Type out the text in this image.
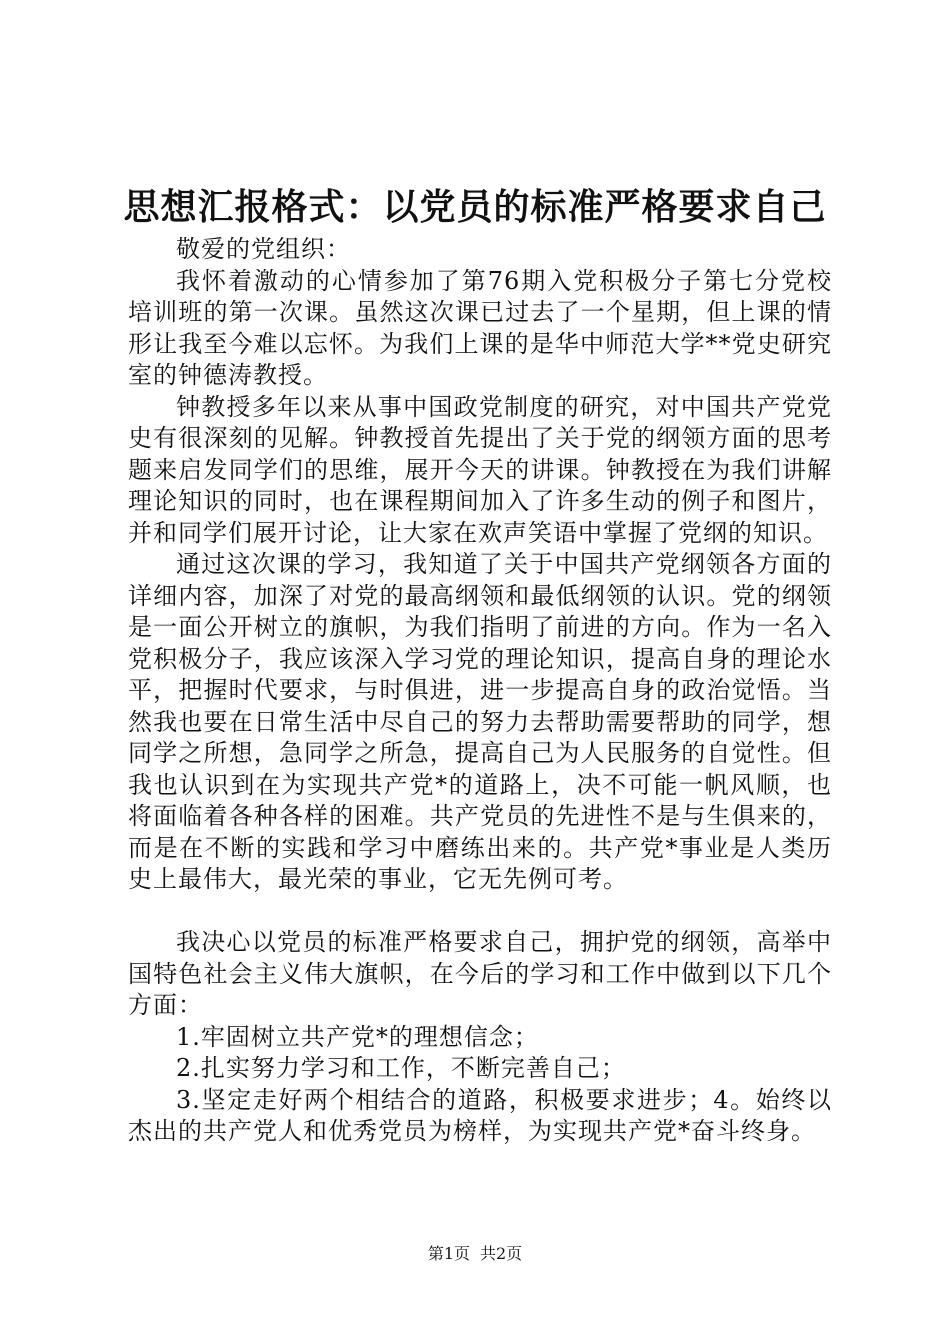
思想汇报格式：以党员的标准严格要求自己

敬爱的党组织：

我怀着激动的心情参加了第76期入党积极分子第七分党校培训班的第一次课。虽然这次课已过去了一个星期，但上课的情形让我至今难以忘怀。为我们上课的是华中师范大学**党史研究室的钟德涛教授。

钟教授多年以来从事中国政党制度的研究，对中国共产党党史有很深刻的见解。钟教授首先提出了关于党的纲领方面的思考题来启发同学们的思维，展开今天的讲课。钟教授在为我们讲解理论知识的同时，也在课程期间加入了许多生动的例子和图片，并和同学们展开讨论，让大家在欢声笑语中掌握了党纲的知识。

通过这次课的学习，我知道了关于中国共产党纲领各方面的详细内容，加深了对党的最高纲领和最低纲领的认识。党的纲领是一面公开树立的旗帜，为我们指明了前进的方向。作为一名入党积极分子，我应该深入学习党的理论知识，提高自身的理论水平，把握时代要求，与时俱进，进一步提高自身的政治觉悟。当然我也要在日常生活中尽自己的努力去帮助需要帮助的同学，想同学之所想，急同学之所急，提高自己为人民服务的自觉性。但我也认识到在为实现共产党*的道路上，决不可能一帆风顺，也将面临着各种各样的困难。共产党员的先进性不是与生俱来的，而是在不断的实践和学习中磨练出来的。共产党*事业是人类历史上最伟大，最光荣的事业，它无先例可考。

我决心以党员的标准严格要求自己，拥护党的纲领，高举中国特色社会主义伟大旗帜，在今后的学习和工作中做到以下几个方面：

1.牢固树立共产党*的理想信念；

2.扎实努力学习和工作，不断完善自己；

3.坚定走好两个相结合的道路，积极要求进步；4。始终以杰出的共产党人和优秀党员为榜样，为实现共产党*奋斗终身。

第1页 共2页
